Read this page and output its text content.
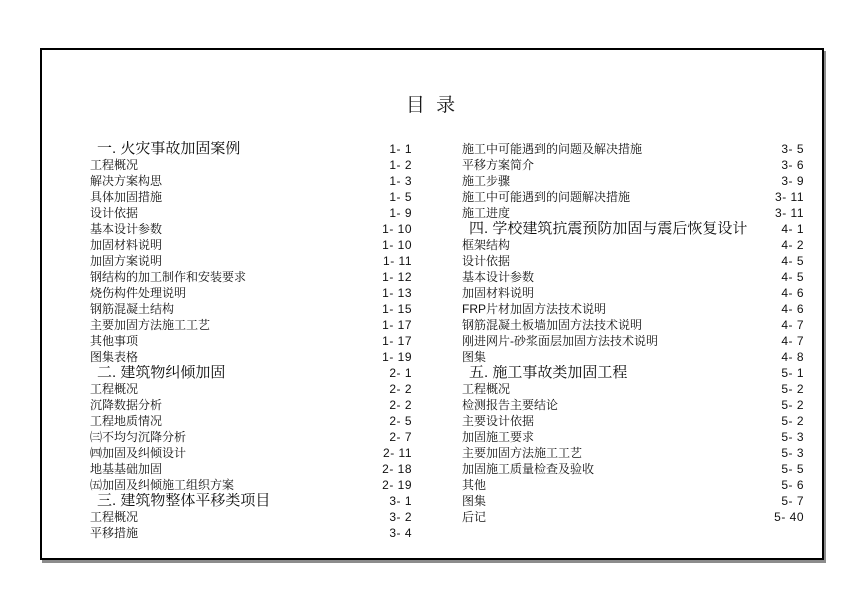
目 录
一. 火灾事故加固案例	1- 1
工程概况	1- 2
解决方案构思	1- 3
具体加固措施	1- 5
设计依据	1- 9
基本设计参数	1- 10
加固材料说明	1- 10
加固方案说明	1- 11
钢结构的加工制作和安装要求	1- 12
烧伤构件处理说明	1- 13
钢筋混凝土结构	1- 15
主要加固方法施工工艺	1- 17
其他事项	1- 17
图集表格	1- 19
二. 建筑物纠倾加固	2- 1
工程概况	2- 2
沉降数据分析	2- 2
工程地质情况	2- 5
㈢不均匀沉降分析	2- 7
㈣加固及纠倾设计	2- 11
地基基础加固	2- 18
㈤加固及纠倾施工组织方案	2- 19
三. 建筑物整体平移类项目	3- 1
工程概况	3- 2
平移措施	3- 4
施工中可能遇到的问题及解决措施	3- 5
平移方案简介	3- 6
施工步骤	3- 9
施工中可能遇到的问题解决措施	3- 11
施工进度	3- 11
四. 学校建筑抗震预防加固与震后恢复设计	4- 1
框架结构	4- 2
设计依据	4- 5
基本设计参数	4- 5
加固材料说明	4- 6
FRP片材加固方法技术说明	4- 6
钢筋混凝土板墙加固方法技术说明	4- 7
刚进网片-砂浆面层加固方法技术说明	4- 7
图集	4- 8
五. 施工事故类加固工程	5- 1
工程概况	5- 2
检测报告主要结论	5- 2
主要设计依据	5- 2
加固施工要求	5- 3
主要加固方法施工工艺	5- 3
加固施工质量检查及验收	5- 5
其他	5- 6
图集	5- 7
后记	5- 40
